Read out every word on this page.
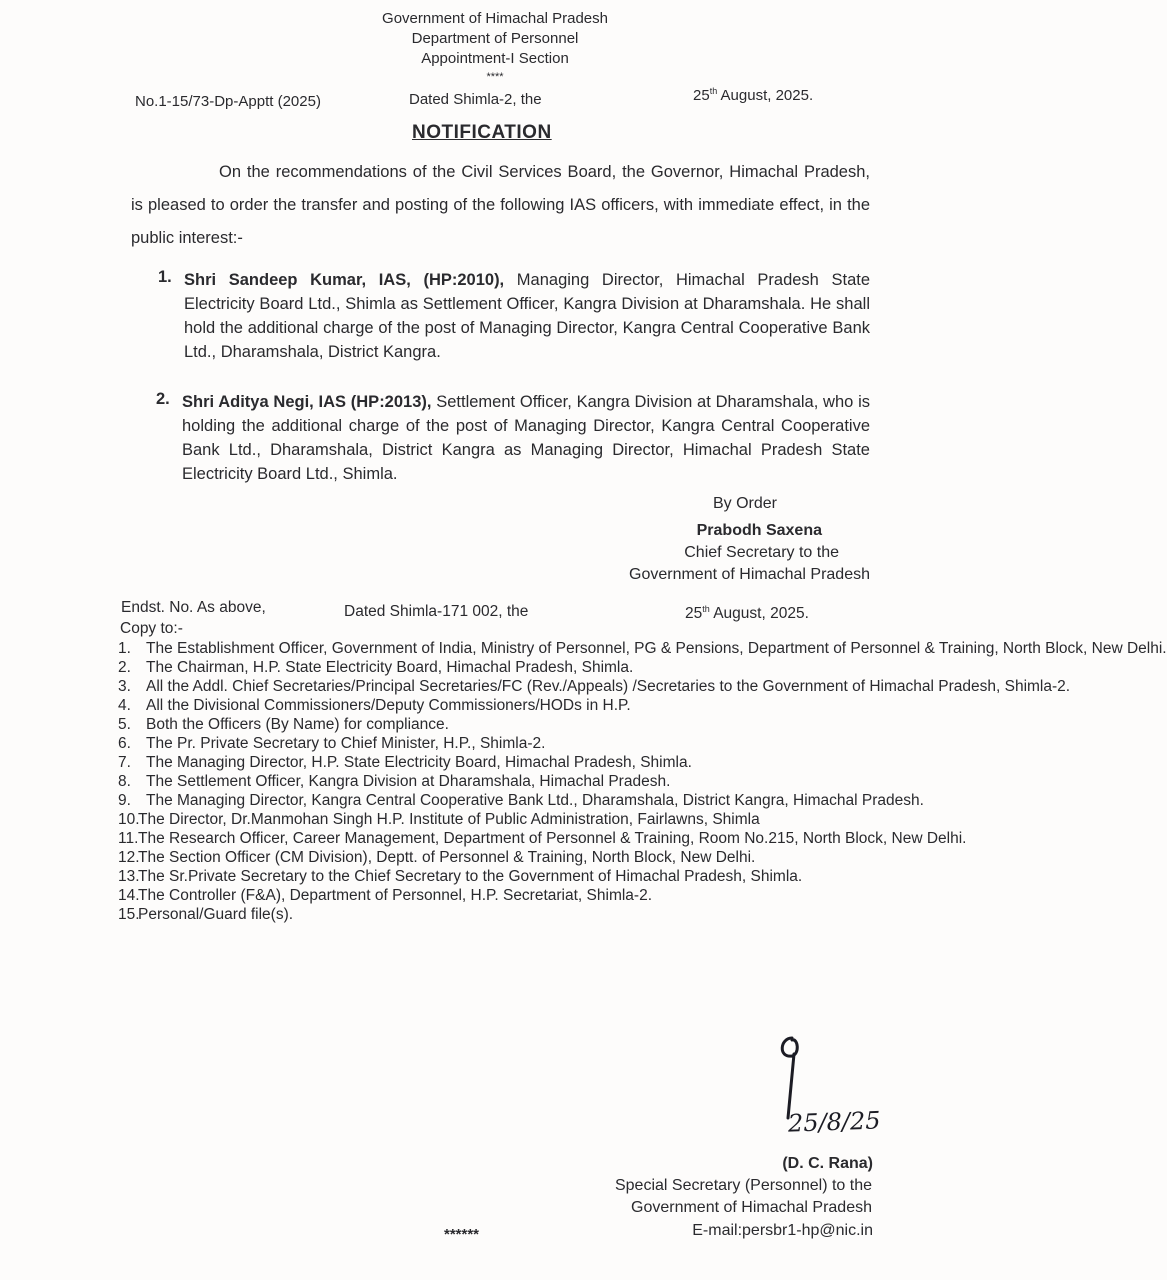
Government of Himachal Pradesh
Department of Personnel
Appointment-I Section
****
No.1-15/73-Dp-Apptt (2025)	Dated Shimla-2, the	25th August, 2025.
NOTIFICATION
On the recommendations of the Civil Services Board, the Governor, Himachal Pradesh, is pleased to order the transfer and posting of the following IAS officers, with immediate effect, in the public interest:-
1. Shri Sandeep Kumar, IAS, (HP:2010), Managing Director, Himachal Pradesh State Electricity Board Ltd., Shimla as Settlement Officer, Kangra Division at Dharamshala. He shall hold the additional charge of the post of Managing Director, Kangra Central Cooperative Bank Ltd., Dharamshala, District Kangra.
2. Shri Aditya Negi, IAS (HP:2013), Settlement Officer, Kangra Division at Dharamshala, who is holding the additional charge of the post of Managing Director, Kangra Central Cooperative Bank Ltd., Dharamshala, District Kangra as Managing Director, Himachal Pradesh State Electricity Board Ltd., Shimla.
By Order
Prabodh Saxena
Chief Secretary to the
Government of Himachal Pradesh
Endst. No. As above,	Dated Shimla-171 002, the	25th August, 2025.
Copy to:-
1. The Establishment Officer, Government of India, Ministry of Personnel, PG & Pensions, Department of Personnel & Training, North Block, New Delhi.
2. The Chairman, H.P. State Electricity Board, Himachal Pradesh, Shimla.
3. All the Addl. Chief Secretaries/Principal Secretaries/FC (Rev./Appeals) /Secretaries to the Government of Himachal Pradesh, Shimla-2.
4. All the Divisional Commissioners/Deputy Commissioners/HODs in H.P.
5. Both the Officers (By Name) for compliance.
6. The Pr. Private Secretary to Chief Minister, H.P., Shimla-2.
7. The Managing Director, H.P. State Electricity Board, Himachal Pradesh, Shimla.
8. The Settlement Officer, Kangra Division at Dharamshala, Himachal Pradesh.
9. The Managing Director, Kangra Central Cooperative Bank Ltd., Dharamshala, District Kangra, Himachal Pradesh.
10.
The Director, Dr.Manmohan Singh H.P. Institute of Public Administration, Fairlawns, Shimla
11. The Research Officer, Career Management, Department of Personnel & Training, Room No.215, North Block, New Delhi.
12.
The Section Officer (CM Division), Deptt. of Personnel & Training, North Block, New Delhi.
13.
The Sr.Private Secretary to the Chief Secretary to the Government of Himachal Pradesh, Shimla.
14.
The Controller (F&A), Department of Personnel, H.P. Secretariat, Shimla-2.
15.
Personal/Guard file(s).
25/8/25
(D. C. Rana)
Special Secretary (Personnel) to the
Government of Himachal Pradesh
E-mail:persbr1-hp@nic.in
******
